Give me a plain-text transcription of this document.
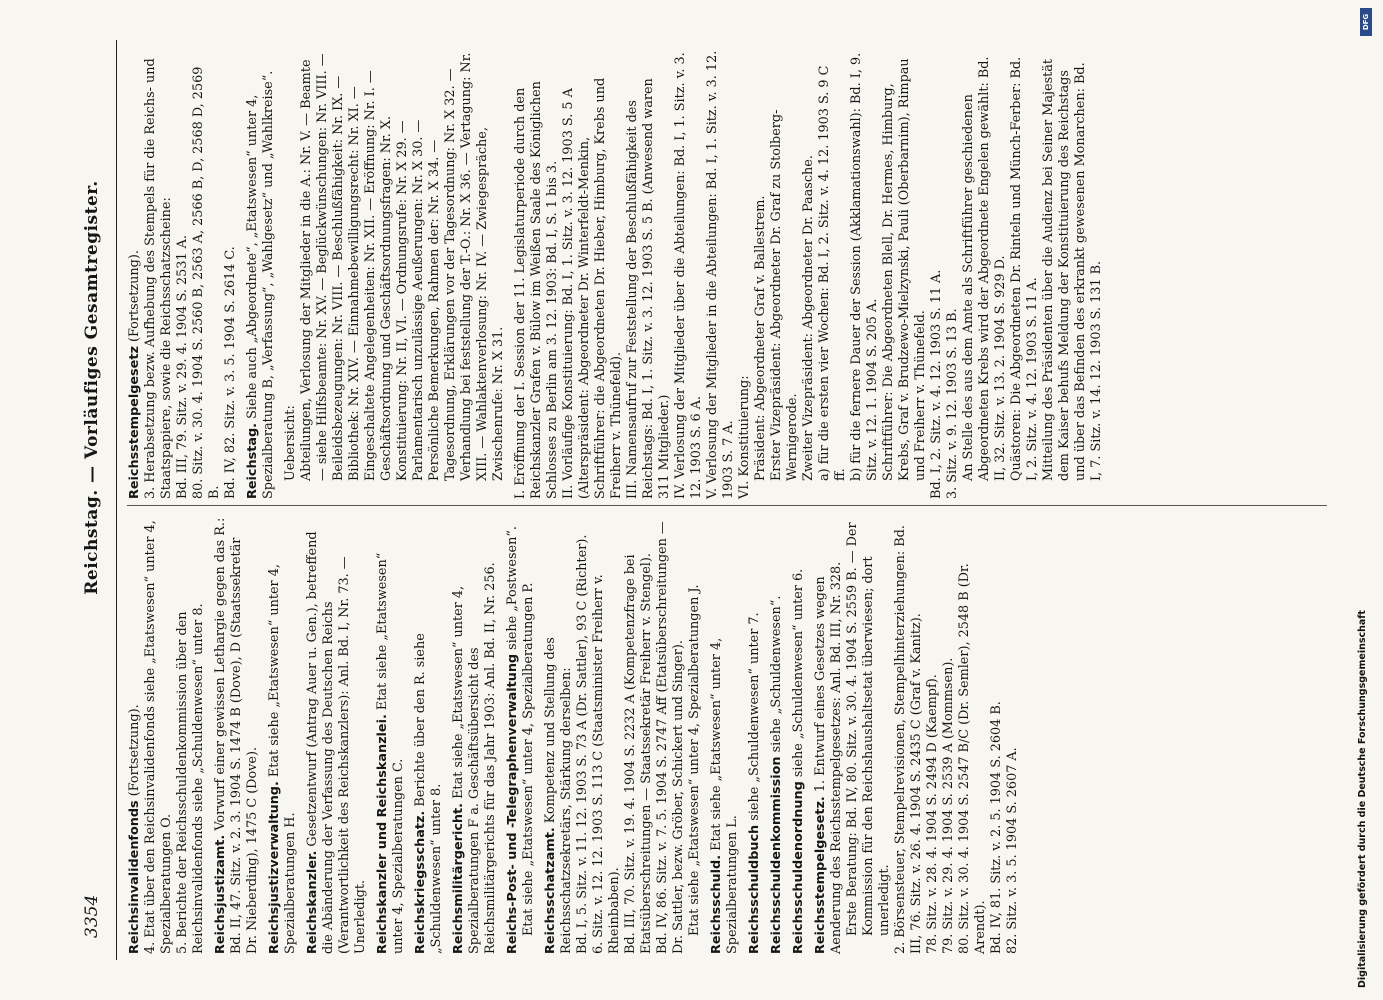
3354
Reichstag. — Vorläufiges Gesamtregister.
Reichsinvalidenfonds (Fortsetzung). 4. Etat über den Reichsinvalidenfonds siehe „Etatswesen“ unter 4, Spezialberatungen O. 5. Berichte der Reichsschuldenkommission über den Reichsinvalidenfonds siehe „Schuldenwesen“ unter 8. Reichsjustizamt. Vorwurf einer gewissen Lethargie gegen das R.: Bd. II, 47. Sitz. v. 2. 3. 1904 S. 1474 B (Dove), D (Staatssekretär Dr. Nieberding), 1475 C (Dove). Reichsjustizverwaltung. Etat siehe „Etatswesen“ unter 4, Spezialberatungen H. Reichskanzler. Gesetzentwurf (Antrag Auer u. Gen.), betreffend die Abänderung der Verfassung des Deutschen Reichs (Verantwortlichkeit des Reichskanzlers): Anl. Bd. I, Nr. 73. — Unerledigt. Reichskanzler und Reichskanzlei. Etat siehe „Etatswesen“ unter 4, Spezialberatungen C. Reichskriegsschatz. Berichte über den R. siehe „Schuldenwesen“ unter 8. Reichsmilitärgericht. Etat siehe „Etatswesen“ unter 4, Spezialberatungen F a. Geschäftsübersicht des Reichsmilitärgerichts für das Jahr 1903: Anl. Bd. II, Nr. 256. Reichs-Post- und -Telegraphenverwaltung siehe „Postwesen“. Etat siehe „Etatswesen“ unter 4, Spezialberatungen P. Reichsschatzamt. Kompetenz und Stellung des Reichsschatzsekretärs, Stärkung derselben: Bd. I, 5. Sitz. v. 11. 12. 1903 S. 73 A (Dr. Sattler), 93 C (Richter). 6. Sitz. v. 12. 12. 1903 S. 113 C (Staatsminister Freiherr v. Rheinbaben). Bd. III, 70. Sitz. v. 19. 4. 1904 S. 2232 A (Kompetenzfrage bei Etatsüberschreitungen — Staatssekretär Freiherr v. Stengel). Bd. IV, 86. Sitz. v. 7. 5. 1904 S. 2747 Aff (Etatsüberschreitungen — Dr. Sattler, bezw. Gröber, Schickert und Singer). Etat siehe „Etatswesen“ unter 4, Spezialberatungen J. Reichsschuld. Etat siehe „Etatswesen“ unter 4, Spezialberatungen L. Reichsschuldbuch siehe „Schuldenwesen“ unter 7.
Reichsschuldenkommission siehe „Schuldenwesen“.
Reichsschuldenordnung siehe „Schuldenwesen“ unter 6.
Reichsstempelgesetz. 1. Entwurf eines Gesetzes wegen Aenderung des Reichsstempelgesetzes: Anl. Bd. III, Nr. 328. Erste Beratung: Bd. IV, 80. Sitz. v. 30. 4. 1904 S. 2559 B. — Der Kommission für den Reichshaushaltsetat überwiesen; dort unerledigt. 2. Börsensteuer, Stempelrevisionen, Stempelhinterziehungen: Bd. III, 76. Sitz. v. 26. 4. 1904 S. 2435 C (Graf v. Kanitz). 78. Sitz. v. 28. 4. 1904 S. 2494 D (Kaempf). 79. Sitz. v. 29. 4. 1904 S. 2539 A (Mommsen). 80. Sitz. v. 30. 4. 1904 S. 2547 B/C (Dr. Semler), 2548 B (Dr. Arendt). Bd. IV, 81. Sitz. v. 2. 5. 1904 S. 2604 B. 82. Sitz. v. 3. 5. 1904 S. 2607 A.
Reichsstempelgesetz (Fortsetzung). 3. Herabsetzung bezw. Aufhebung des Stempels für die Reichs- und Staatspapiere, sowie die Reichsschatzscheine: Bd. III, 79. Sitz. v. 29. 4. 1904 S. 2531 A. 80. Sitz. v. 30. 4. 1904 S. 2560 B, 2563 A, 2566 B, D, 2568 D, 2569 B. Bd. IV, 82. Sitz. v. 3. 5. 1904 S. 2614 C. Reichstag. Siehe auch „Abgeordnete“, „Etatswesen“ unter 4, Spezialberatung B, „Verfassung“, „Wahlgesetz“ und „Wahlkreise“. Uebersicht: Abteilungen, Verlosung der Mitglieder in die A.: Nr. V. — Beamte — siehe Hilfsbeamte: Nr. XV. — Beglückwünschungen: Nr. VIII. — Beileidsbezeugungen: Nr. VIII. — Beschlußfähigkeit: Nr. IX. — Bibliothek: Nr. XIV. — Einnahmebewilligungsrecht: Nr. XI. — Eingeschaltete Angelegenheiten: Nr. XII. — Eröffnung: Nr. I. — Geschäftsordnung und Geschäftsordnungsfragen: Nr. X. Konstituierung: Nr. II, VI. — Ordnungsrufe: Nr. X 29. — Parlamentarisch unzulässige Aeußerungen: Nr. X 30. — Persönliche Bemerkungen, Rahmen der: Nr. X 34. — Tagesordnung, Erklärungen vor der Tagesordnung: Nr. X 32. — Verhandlung bei feststellung der T.-O.: Nr. X 36. — Vertagung: Nr. XIII. — Wahlaktenverlosung: Nr. IV. — Zwiegespräche, Zwischenrufe: Nr. X 31. I. Eröffnung der I. Session der 11. Legislaturperiode durch den Reichskanzler Grafen v. Bülow im Weißen Saale des Königlichen Schlosses zu Berlin am 3. 12. 1903: Bd. I, S. 1 bis 3. II. Vorläufige Konstituierung: Bd. I, 1. Sitz. v. 3. 12. 1903 S. 5 A (Alterspräsident: Abgeordneter Dr. Winterfeldt-Menkin, Schriftführer: die Abgeordneten Dr. Hieber, Himburg, Krebs und Freiherr v. Thünefeld). III. Namensaufruf zur Feststellung der Beschlußfähigkeit des Reichstags: Bd. I, 1. Sitz. v. 3. 12. 1903 S. 5 B. (Anwesend waren 311 Mitglieder.) IV. Verlosung der Mitglieder über die Abteilungen: Bd. I, 1. Sitz. v. 3. 12. 1903 S. 6 A. V. Verlosung der Mitglieder in die Abteilungen: Bd. I, 1. Sitz. v. 3. 12. 1903 S. 7 A. VI. Konstituierung: Präsident: Abgeordneter Graf v. Ballestrem. Erster Vizepräsident: Abgeordneter Dr. Graf zu Stolberg-Wernigerode. Zweiter Vizepräsident: Abgeordneter Dr. Paasche. a) für die ersten vier Wochen: Bd. I, 2. Sitz. v. 4. 12. 1903 S. 9 C ff. b) für die fernere Dauer der Session (Akklamationswahl): Bd. I, 9. Sitz. v. 12. 1. 1904 S. 205 A. Schriftführer: Die Abgeordneten Blell, Dr. Hermes, Himburg, Krebs, Graf v. Brudzewo-Mielzynski, Pauli (Oberbarnim), Rimpau und Freiherr v. Thünefeld. Bd. I, 2. Sitz. v. 4. 12. 1903 S. 11 A. 3. Sitz. v. 9. 12. 1903 S. 13 B. An Stelle des aus dem Amte als Schriftführer geschiedenen Abgeordneten Krebs wird der Abgeordnete Engelen gewählt: Bd. II, 32. Sitz. v. 13. 2. 1904 S. 929 D. Quästoren: Die Abgeordneten Dr. Rinteln und Münch-Ferber: Bd. I, 2. Sitz. v. 4. 12. 1903 S. 11 A. Mitteilung des Präsidenten über die Audienz bei Seiner Majestät dem Kaiser behufs Meldung der Konstituierung des Reichstags und über das Befinden des erkrankt gewesenen Monarchen: Bd. I, 7. Sitz. v. 14. 12. 1903 S. 131 B.
Digitalisierung gefördert durch die Deutsche Forschungsgemeinschaft
DFG
